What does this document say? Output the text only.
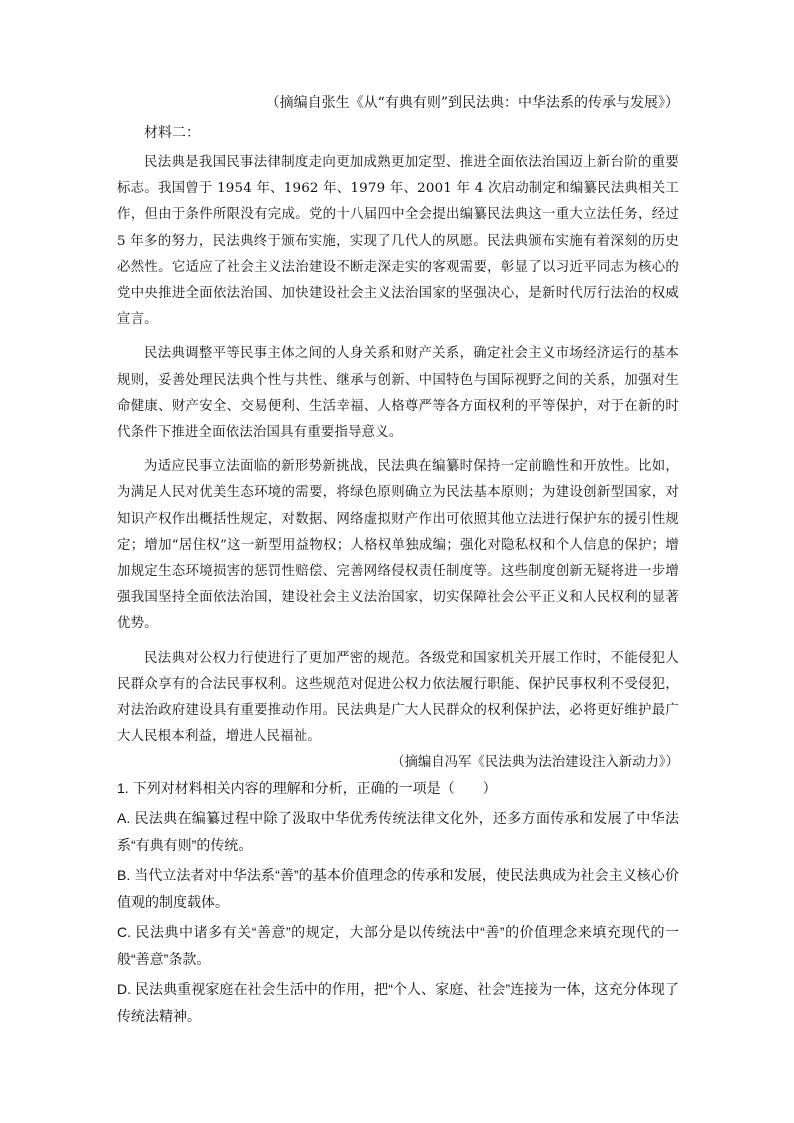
（摘编自张生《从“有典有则”到民法典：中华法系的传承与发展》）
材料二：

民法典是我国民事法律制度走向更加成熟更加定型、推进全面依法治国迈上新台阶的重要标志。我国曾于 1954 年、1962 年、1979 年、2001 年 4 次启动制定和编纂民法典相关工作，但由于条件所限没有完成。党的十八届四中全会提出编纂民法典这一重大立法任务，经过 5 年多的努力，民法典终于颁布实施，实现了几代人的夙愿。民法典颁布实施有着深刻的历史必然性。它适应了社会主义法治建设不断走深走实的客观需要，彰显了以习近平同志为核心的党中央推进全面依法治国、加快建设社会主义法治国家的坚强决心，是新时代厉行法治的权威宣言。

民法典调整平等民事主体之间的人身关系和财产关系，确定社会主义市场经济运行的基本规则，妥善处理民法典个性与共性、继承与创新、中国特色与国际视野之间的关系，加强对生命健康、财产安全、交易便利、生活幸福、人格尊严等各方面权利的平等保护，对于在新的时代条件下推进全面依法治国具有重要指导意义。

为适应民事立法面临的新形势新挑战，民法典在编纂时保持一定前瞻性和开放性。比如，为满足人民对优美生态环境的需要，将绿色原则确立为民法基本原则；为建设创新型国家，对知识产权作出概括性规定，对数据、网络虚拟财产作出可依照其他立法进行保护东的援引性规定；增加“居住权”这一新型用益物权；人格权单独成编；强化对隐私权和个人信息的保护；增加规定生态环境损害的惩罚性赔偿、完善网络侵权责任制度等。这些制度创新无疑将进一步增强我国坚持全面依法治国，建设社会主义法治国家，切实保障社会公平正义和人民权利的显著优势。

民法典对公权力行使进行了更加严密的规范。各级党和国家机关开展工作时，不能侵犯人民群众享有的合法民事权利。这些规范对促进公权力依法履行职能、保护民事权利不受侵犯，对法治政府建设具有重要推动作用。民法典是广大人民群众的权利保护法，必将更好维护最广大人民根本利益，增进人民福祉。

（摘编自冯军《民法典为法治建设注入新动力》）
1. 下列对材料相关内容的理解和分析，正确的一项是（　　）
A. 民法典在编纂过程中除了汲取中华优秀传统法律文化外，还多方面传承和发展了中华法系“有典有则”的传统。
B. 当代立法者对中华法系“善”的基本价值理念的传承和发展，使民法典成为社会主义核心价值观的制度载体。
C. 民法典中诸多有关“善意”的规定，大部分是以传统法中“善”的价值理念来填充现代的一般“善意”条款。
D. 民法典重视家庭在社会生活中的作用，把“个人、家庭、社会”连接为一体，这充分体现了传统法精神。
